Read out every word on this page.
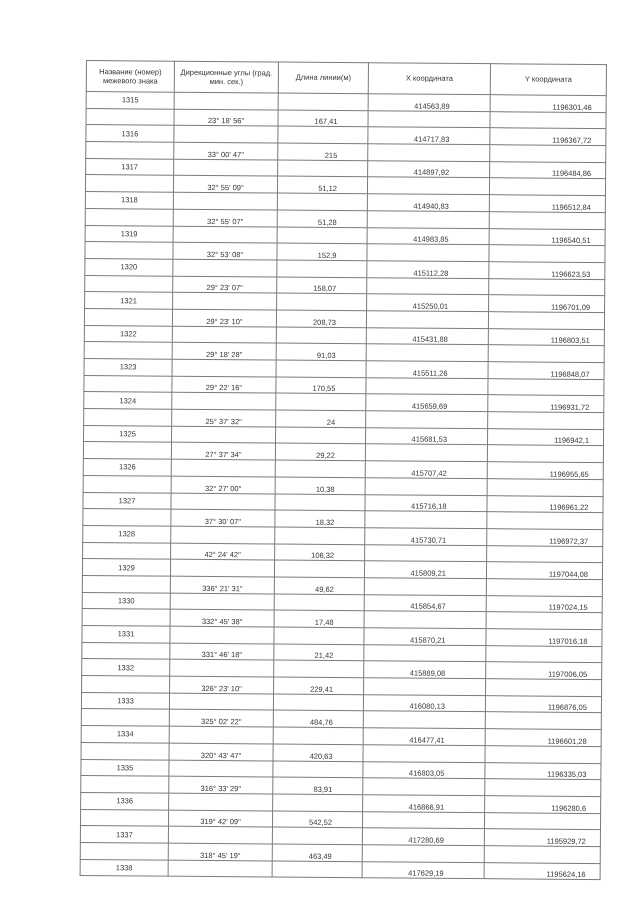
Название (номер) межевого знака	Дирекционные углы (град. мин. сек.)	Длина линии(м)	X координата	Y координата
1315			414563,89	1196301,46
	23° 18' 56"	167,41		
1316			414717,83	1196367,72
	33° 00' 47"	215		
1317			414897,92	1196484,86
	32° 55' 09"	51,12		
1318			414940,83	1196512,84
	32° 55' 07"	51,28		
1319			414983,85	1196540,51
	32° 53' 08"	152,9		
1320			415112,28	1196623,53
	29° 23' 07"	158,07		
1321			415250,01	1196701,09
	29° 23' 10"	208,73		
1322			415431,88	1196803,51
	29° 18' 28"	91,03		
1323			415511,26	1196848,07
	29° 22' 16"	170,55		
1324			415659,69	1196931,72
	25° 37' 32"	24		
1325			415681,53	1196942,1
	27° 37' 34"	29,22		
1326			415707,42	1196955,65
	32° 27' 00"	10,38		
1327			415716,18	1196961,22
	37° 30' 07"	18,32		
1328			415730,71	1196972,37
	42° 24' 42"	106,32		
1329			415809,21	1197044,08
	336° 21' 31"	49,62		
1330			415854,67	1197024,15
	332° 45' 38"	17,48		
1331			415870,21	1197016,18
	331° 46' 18"	21,42		
1332			415889,08	1197006,05
	326° 23' 10"	229,41		
1333			416080,13	1196876,05
	325° 02' 22"	484,76		
1334			416477,41	1196601,28
	320° 43' 47"	420,63		
1335			416803,05	1196335,03
	316° 33' 29"	83,91		
1336			416866,91	1196280,6
	319° 42' 09"	542,52		
1337			417280,69	1195929,72
	318° 45' 19"	463,49		
1338			417629,19	1195624,16
